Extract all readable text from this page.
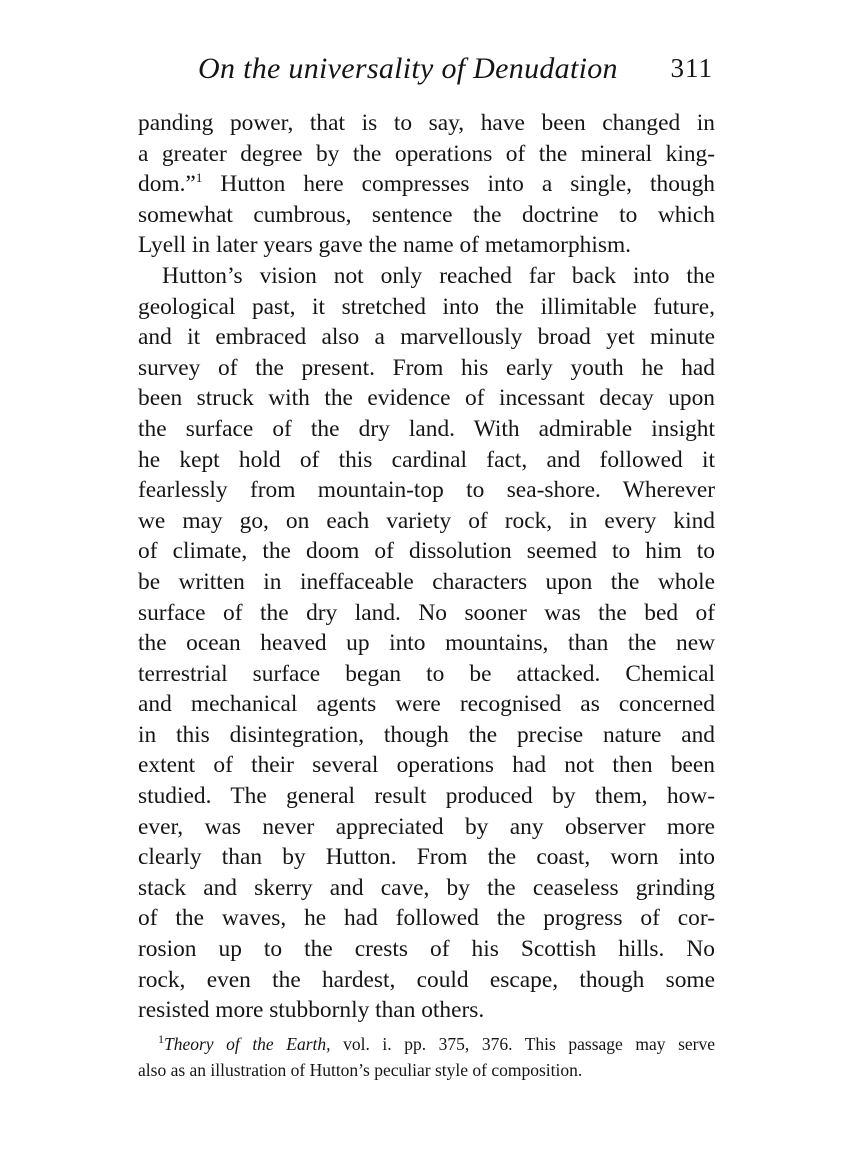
On the universality of Denudation 311
panding power, that is to say, have been changed in
a greater degree by the operations of the mineral king-
dom.”$^1$ Hutton here compresses into a single, though
somewhat cumbrous, sentence the doctrine to which
Lyell in later years gave the name of metamorphism.
Hutton’s vision not only reached far back into the
geological past, it stretched into the illimitable future,
and it embraced also a marvellously broad yet minute
survey of the present. From his early youth he had
been struck with the evidence of incessant decay upon
the surface of the dry land. With admirable insight
he kept hold of this cardinal fact, and followed it
fearlessly from mountain-top to sea-shore. Wherever
we may go, on each variety of rock, in every kind
of climate, the doom of dissolution seemed to him to
be written in ineffaceable characters upon the whole
surface of the dry land. No sooner was the bed of
the ocean heaved up into mountains, than the new
terrestrial surface began to be attacked. Chemical
and mechanical agents were recognised as concerned
in this disintegration, though the precise nature and
extent of their several operations had not then been
studied. The general result produced by them, how-
ever, was never appreciated by any observer more
clearly than by Hutton. From the coast, worn into
stack and skerry and cave, by the ceaseless grinding
of the waves, he had followed the progress of cor-
rosion up to the crests of his Scottish hills. No
rock, even the hardest, could escape, though some
resisted more stubbornly than others.
$^1$Theory of the Earth, vol. i. pp. 375, 376. This passage may serve
also as an illustration of Hutton’s peculiar style of composition.
